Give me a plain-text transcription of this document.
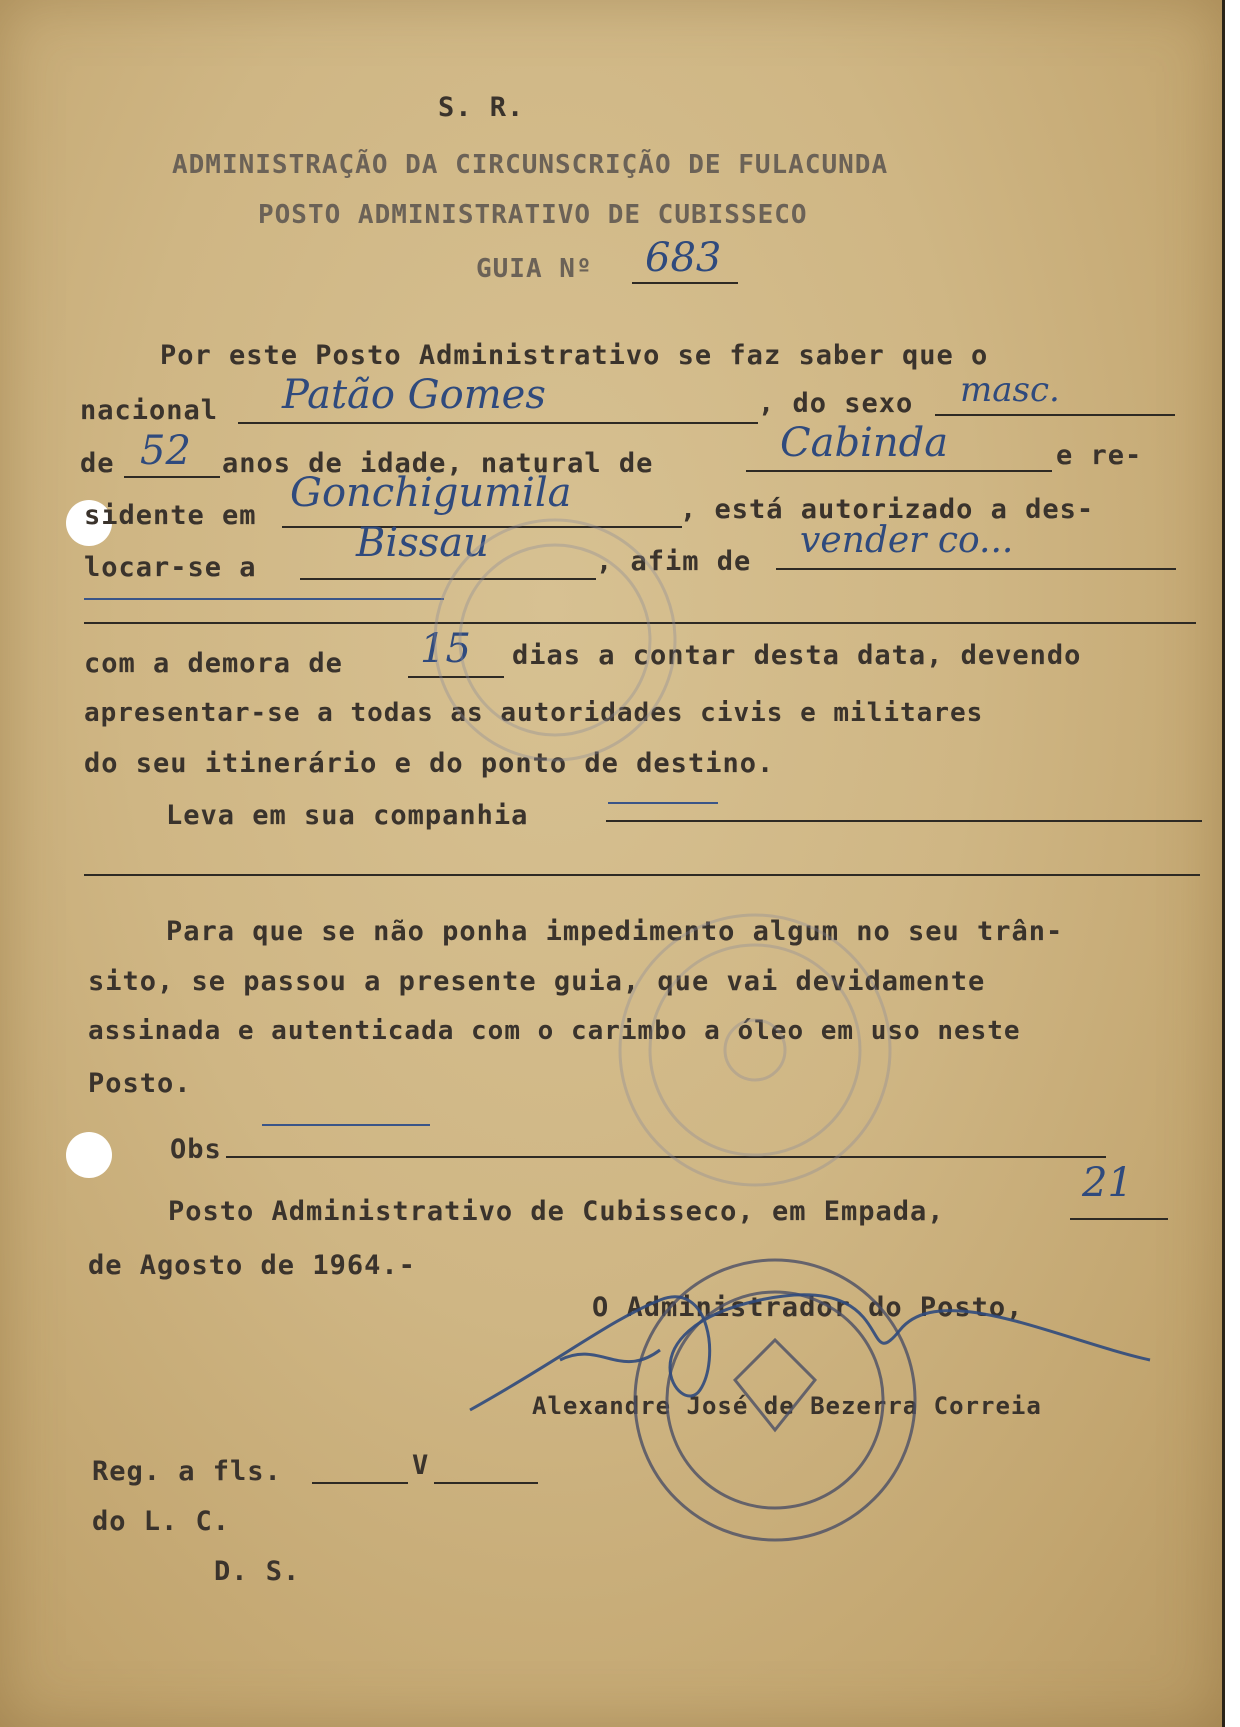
S. R.
ADMINISTRAÇÃO DA CIRCUNSCRIÇÃO DE FULACUNDA
POSTO ADMINISTRATIVO DE CUBISSECO
GUIA Nº 683
Por este Posto Administrativo se faz saber que o
nacional Patão Gomes	, do sexo masc.
de 52 anos de idade, natural de	Cabinda	e re-
sidente em Gonchigumila	, está autorizado a des-
locar-se a
Bissau	, afim de
vender co...
com a demora de 15 dias a contar desta data, devendo
apresentar-se a todas as autoridades civis e militares
do seu itinerário e do ponto de destino.
Leva em sua companhia
Para que se não ponha impedimento algum no seu trân-
sito, se passou a presente guia, que vai devidamente
assinada e autenticada com o carimbo a óleo em uso neste
Posto.
Obs
Posto Administrativo de Cubisseco, em Empada,
21
de Agosto de 1964.-
O Administrador do Posto,
Alexandre José de Bezerra Correia
Reg. a fls.	V
do L. C.
D. S.
